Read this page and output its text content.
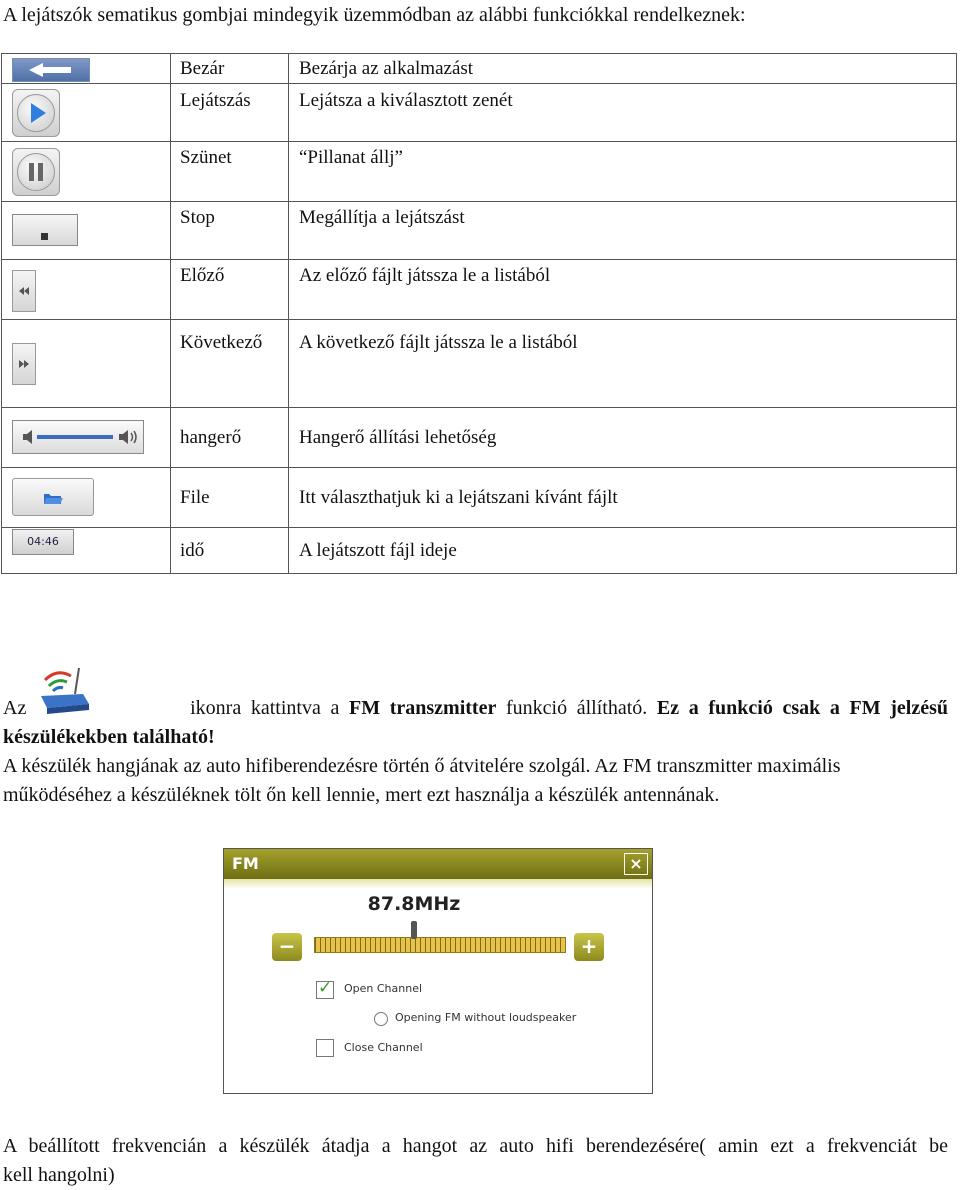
A lejátszók sematikus gombjai mindegyik üzemmódban az alábbi funkciókkal rendelkeznek:
	Bezár	Bezárja az alkalmazást

	Lejátszás	Lejátsza a kiválasztott zenét

	Szünet	“Pillanat állj”

	Stop	Megállítja a lejátszást

	Előző	Az előző fájlt játssza le a listából

	Következő	A következő fájlt játssza le a listából

	hangerő	Hangerő állítási lehetőség

	File	Itt választhatjuk ki a lejátszani kívánt fájlt

04:46	idő	A lejátszott fájl ideje
Az	ikonra kattintva a FM transzmitter funkció állítható. Ez a funkció csak a FM jelzésű
készülékekben található!
A készülék hangjának az auto hifiberendezésre történ ő átvitelére szolgál. Az FM transzmitter maximális
működéséhez a készüléknek tölt őn kell lennie, mert ezt használja a készülék antennának.
FM	×
87.8MHz
−	+
✓
Open Channel
Opening FM without loudspeaker
Close Channel
A beállított frekvencián a készülék átadja a hangot az auto hifi berendezésére( amin ezt a frekvenciát be
kell hangolni)
